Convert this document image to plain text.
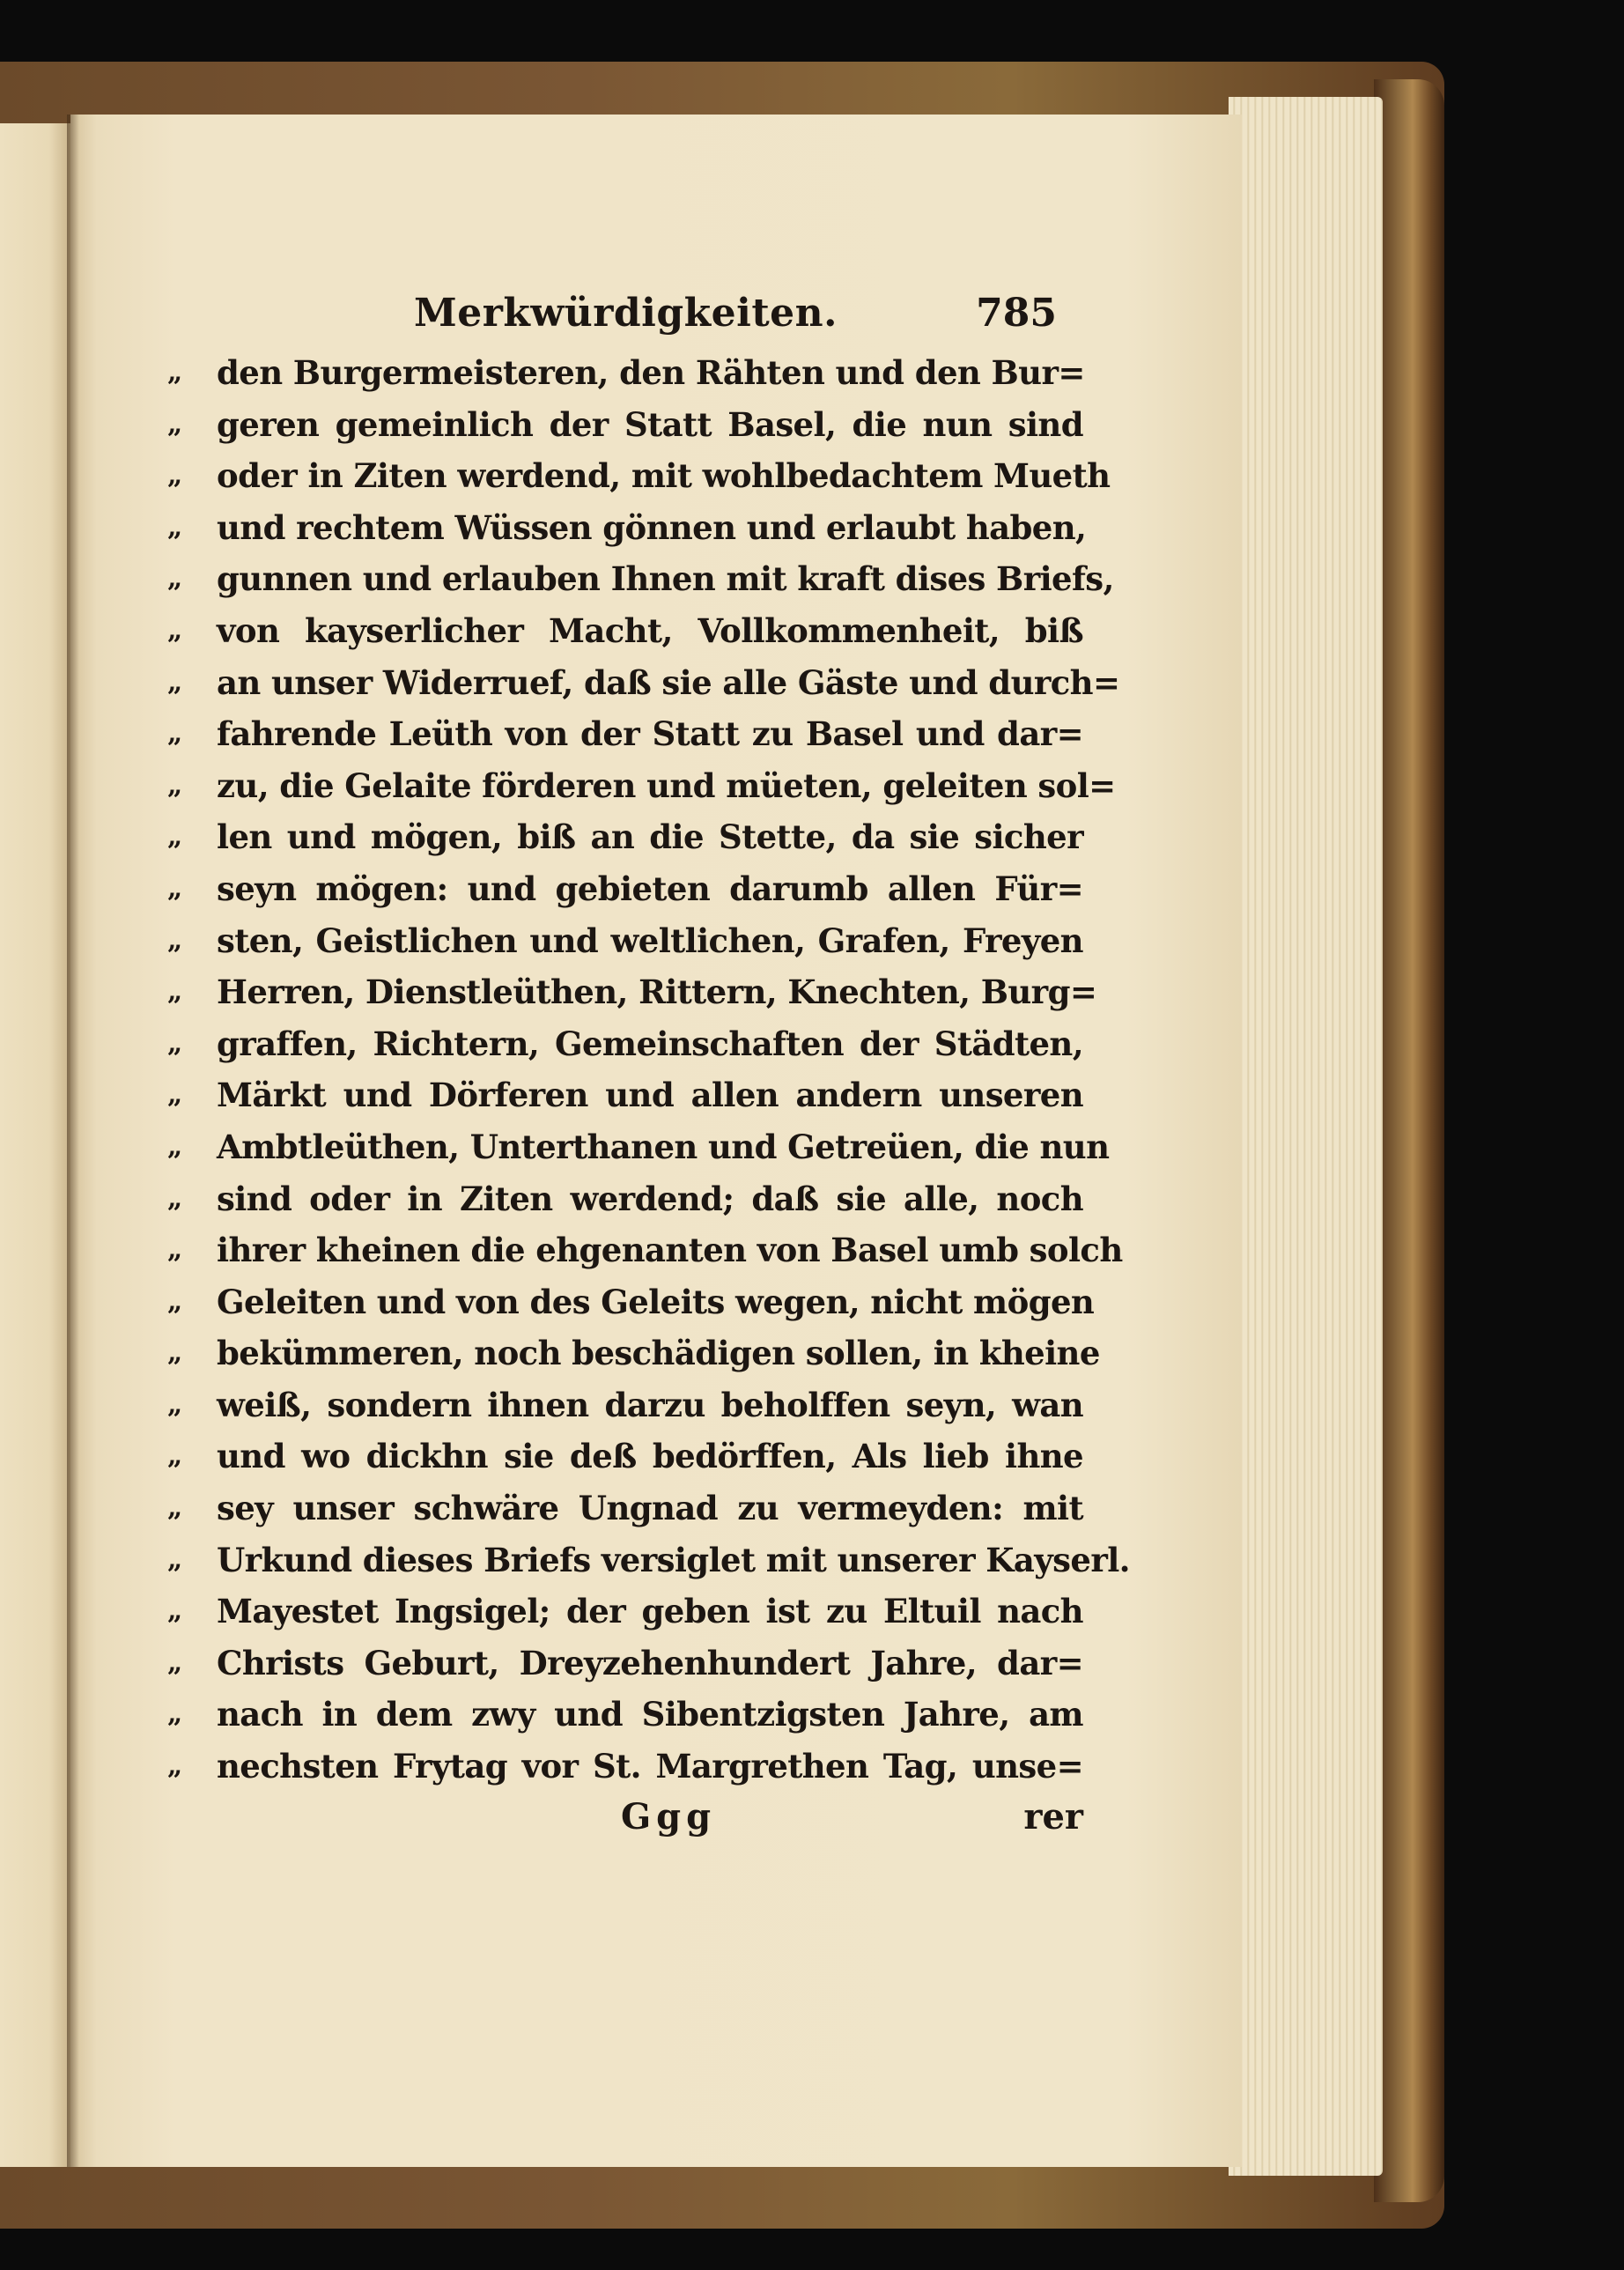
Merkwürdigkeiten.	785
„	den Burgermeisteren, den Rähten und den Bur=
„	geren gemeinlich der Statt Basel, die nun sind
„	oder in Ziten werdend, mit wohlbedachtem Mueth
„	und rechtem Wüssen gönnen und erlaubt haben,
„	gunnen und erlauben Ihnen mit kraft dises Briefs,
„	von kayserlicher Macht, Vollkommenheit, biß
„	an unser Widerruef, daß sie alle Gäste und durch=
„	fahrende Leüth von der Statt zu Basel und dar=
„	zu, die Gelaite förderen und müeten, geleiten sol=
„	len und mögen, biß an die Stette, da sie sicher
„	seyn mögen: und gebieten darumb allen Für=
„	sten, Geistlichen und weltlichen, Grafen, Freyen
„	Herren, Dienstleüthen, Rittern, Knechten, Burg=
„	graffen, Richtern, Gemeinschaften der Städten,
„	Märkt und Dörferen und allen andern unseren
„	Ambtleüthen, Unterthanen und Getreüen, die nun
„	sind oder in Ziten werdend; daß sie alle, noch
„	ihrer kheinen die ehgenanten von Basel umb solch
„	Geleiten und von des Geleits wegen, nicht mögen
„	bekümmeren, noch beschädigen sollen, in kheine
„	weiß, sondern ihnen darzu beholffen seyn, wan
„	und wo dickhn sie deß bedörffen, Als lieb ihne
„	sey unser schwäre Ungnad zu vermeyden: mit
„	Urkund dieses Briefs versiglet mit unserer Kayserl.
„	Mayestet Ingsigel; der geben ist zu Eltuil nach
„	Christs Geburt, Dreyzehenhundert Jahre, dar=
„	nach in dem zwy und Sibentzigsten Jahre, am
„	nechsten Frytag vor St. Margrethen Tag, unse=
Ggg	rer
